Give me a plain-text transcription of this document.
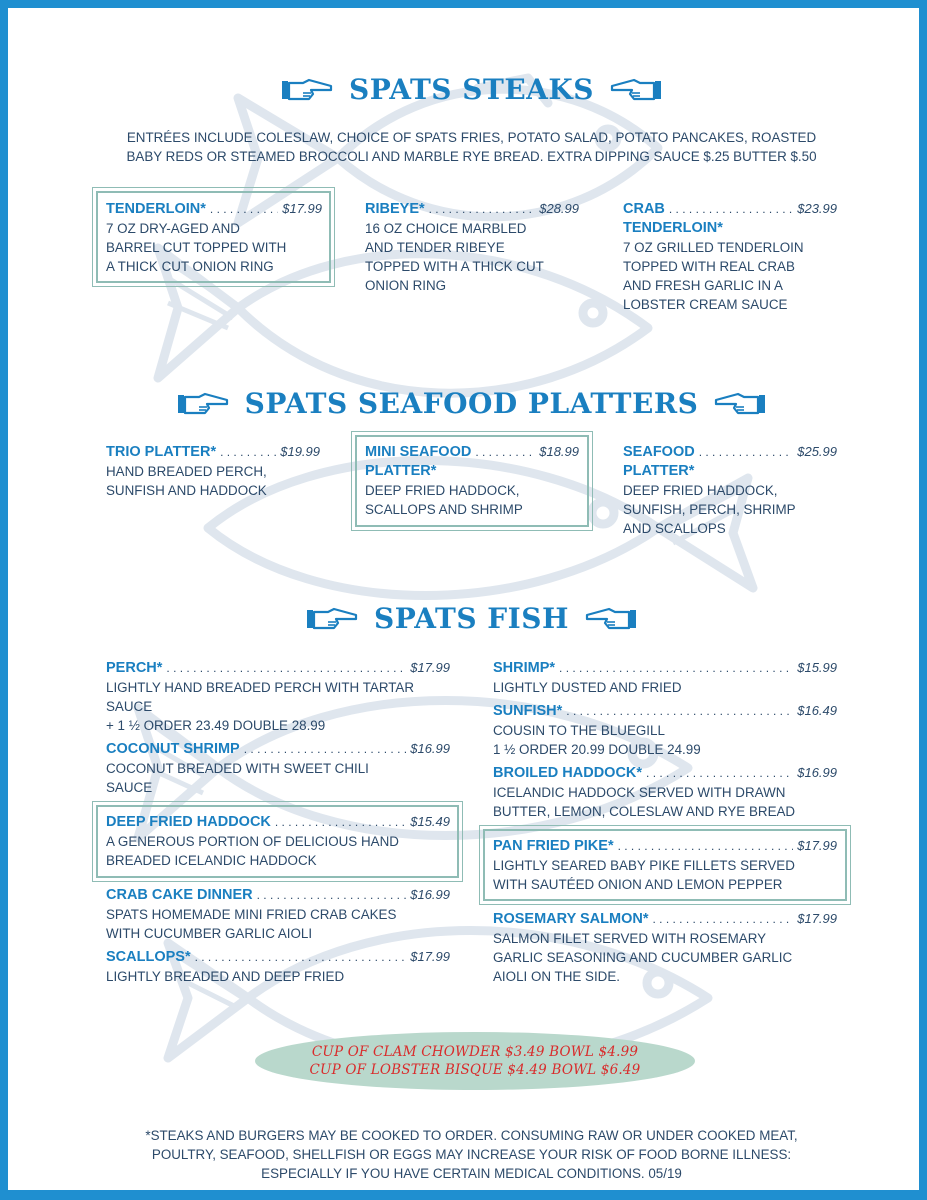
SPATS STEAKS
ENTRÉES INCLUDE COLESLAW, CHOICE OF SPATS FRIES, POTATO SALAD, POTATO PANCAKES, ROASTED BABY REDS OR STEAMED BROCCOLI AND MARBLE RYE BREAD. EXTRA DIPPING SAUCE $.25 BUTTER $.50
TENDERLOIN* . . .	$17.99
7 OZ DRY-AGED AND
BARREL CUT TOPPED WITH
A THICK CUT ONION RING
RIBEYE* . . .	$28.99
16 OZ CHOICE MARBLED
AND TENDER RIBEYE
TOPPED WITH A THICK CUT
ONION RING
CRAB . . .	$23.99
TENDERLOIN*
7 OZ GRILLED TENDERLOIN
TOPPED WITH REAL CRAB
AND FRESH GARLIC IN A
LOBSTER CREAM SAUCE
SPATS SEAFOOD PLATTERS
TRIO PLATTER* . . .	$19.99
HAND BREADED PERCH,
SUNFISH AND HADDOCK
MINI SEAFOOD . . .	$18.99
PLATTER*
DEEP FRIED HADDOCK,
SCALLOPS AND SHRIMP
SEAFOOD . . .	$25.99
PLATTER*
DEEP FRIED HADDOCK,
SUNFISH, PERCH, SHRIMP
AND SCALLOPS
SPATS FISH
PERCH* . . .	$17.99
LIGHTLY HAND BREADED PERCH WITH TARTAR
SAUCE
+ 1 ½ ORDER 23.49 DOUBLE 28.99
COCONUT SHRIMP . . .	$16.99
COCONUT BREADED WITH SWEET CHILI
SAUCE
DEEP FRIED HADDOCK . . .	$15.49
A GENEROUS PORTION OF DELICIOUS HAND
BREADED ICELANDIC HADDOCK
CRAB CAKE DINNER . . .	$16.99
SPATS HOMEMADE MINI FRIED CRAB CAKES
WITH CUCUMBER GARLIC AIOLI
SCALLOPS* . . .	$17.99
LIGHTLY BREADED AND DEEP FRIED
SHRIMP* . . .	$15.99
LIGHTLY DUSTED AND FRIED
SUNFISH* . . .	$16.49
COUSIN TO THE BLUEGILL
1 ½ ORDER 20.99 DOUBLE 24.99
BROILED HADDOCK* . . .	$16.99
ICELANDIC HADDOCK SERVED WITH DRAWN
BUTTER, LEMON, COLESLAW AND RYE BREAD
PAN FRIED PIKE* . . .	$17.99
LIGHTLY SEARED BABY PIKE FILLETS SERVED
WITH SAUTÉED ONION AND LEMON PEPPER
ROSEMARY SALMON* . . .	$17.99
SALMON FILET SERVED WITH ROSEMARY
GARLIC SEASONING AND CUCUMBER GARLIC
AIOLI ON THE SIDE.
CUP OF CLAM CHOWDER $3.49 BOWL $4.99
CUP OF LOBSTER BISQUE $4.49 BOWL $6.49
*STEAKS AND BURGERS MAY BE COOKED TO ORDER. CONSUMING RAW OR UNDER COOKED MEAT,
POULTRY, SEAFOOD, SHELLFISH OR EGGS MAY INCREASE YOUR RISK OF FOOD BORNE ILLNESS:
ESPECIALLY IF YOU HAVE CERTAIN MEDICAL CONDITIONS. 05/19
